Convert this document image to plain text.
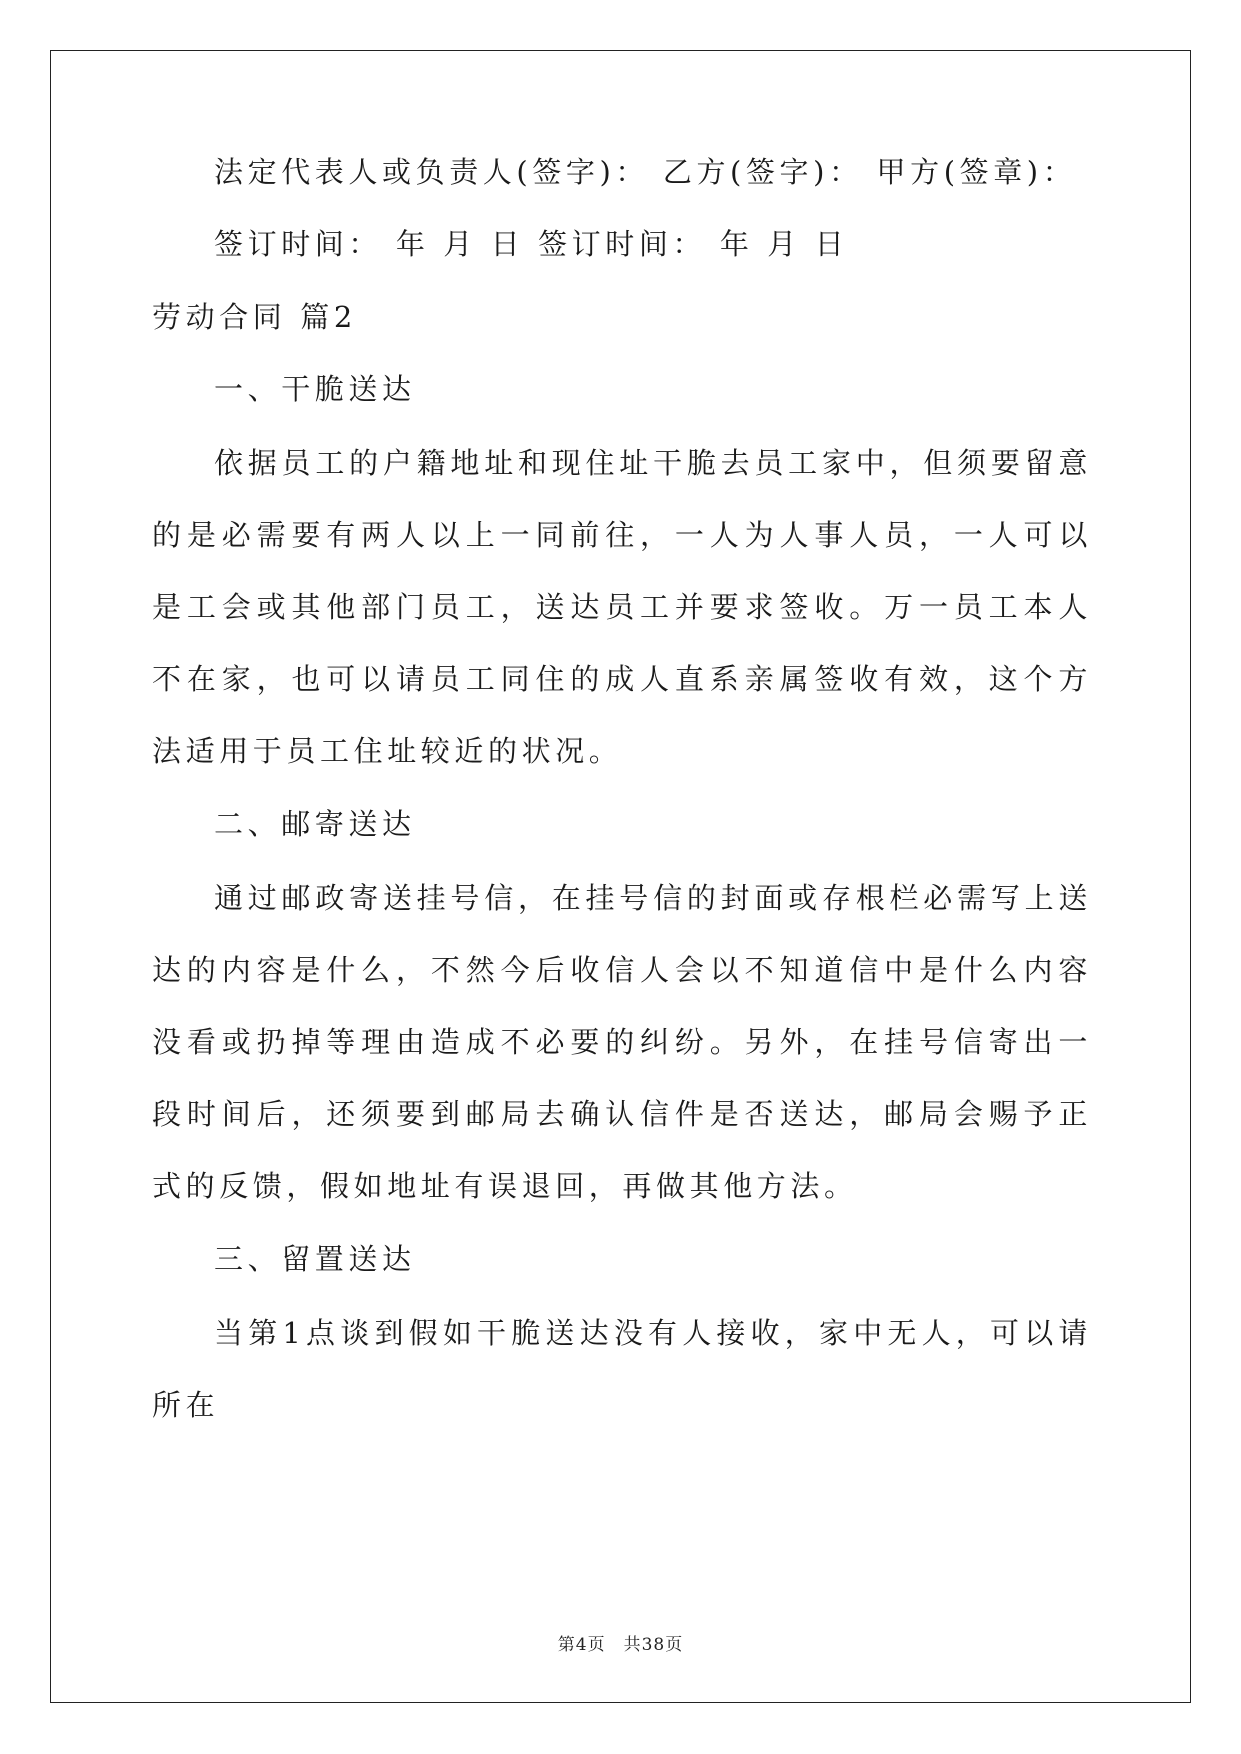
法定代表人或负责人(签字)： 乙方(签字)： 甲方(签章)：
签订时间： 年 月 日 签订时间： 年 月 日
劳动合同 篇2
一、干脆送达

依据员工的户籍地址和现住址干脆去员工家中，但须要留意的是必需要有两人以上一同前往，一人为人事人员，一人可以是工会或其他部门员工，送达员工并要求签收。万一员工本人不在家，也可以请员工同住的成人直系亲属签收有效，这个方法适用于员工住址较近的状况。

二、邮寄送达

通过邮政寄送挂号信，在挂号信的封面或存根栏必需写上送达的内容是什么，不然今后收信人会以不知道信中是什么内容没看或扔掉等理由造成不必要的纠纷。另外，在挂号信寄出一段时间后，还须要到邮局去确认信件是否送达，邮局会赐予正式的反馈，假如地址有误退回，再做其他方法。

三、留置送达

当第1点谈到假如干脆送达没有人接收，家中无人，可以请所在

第4页　共38页
